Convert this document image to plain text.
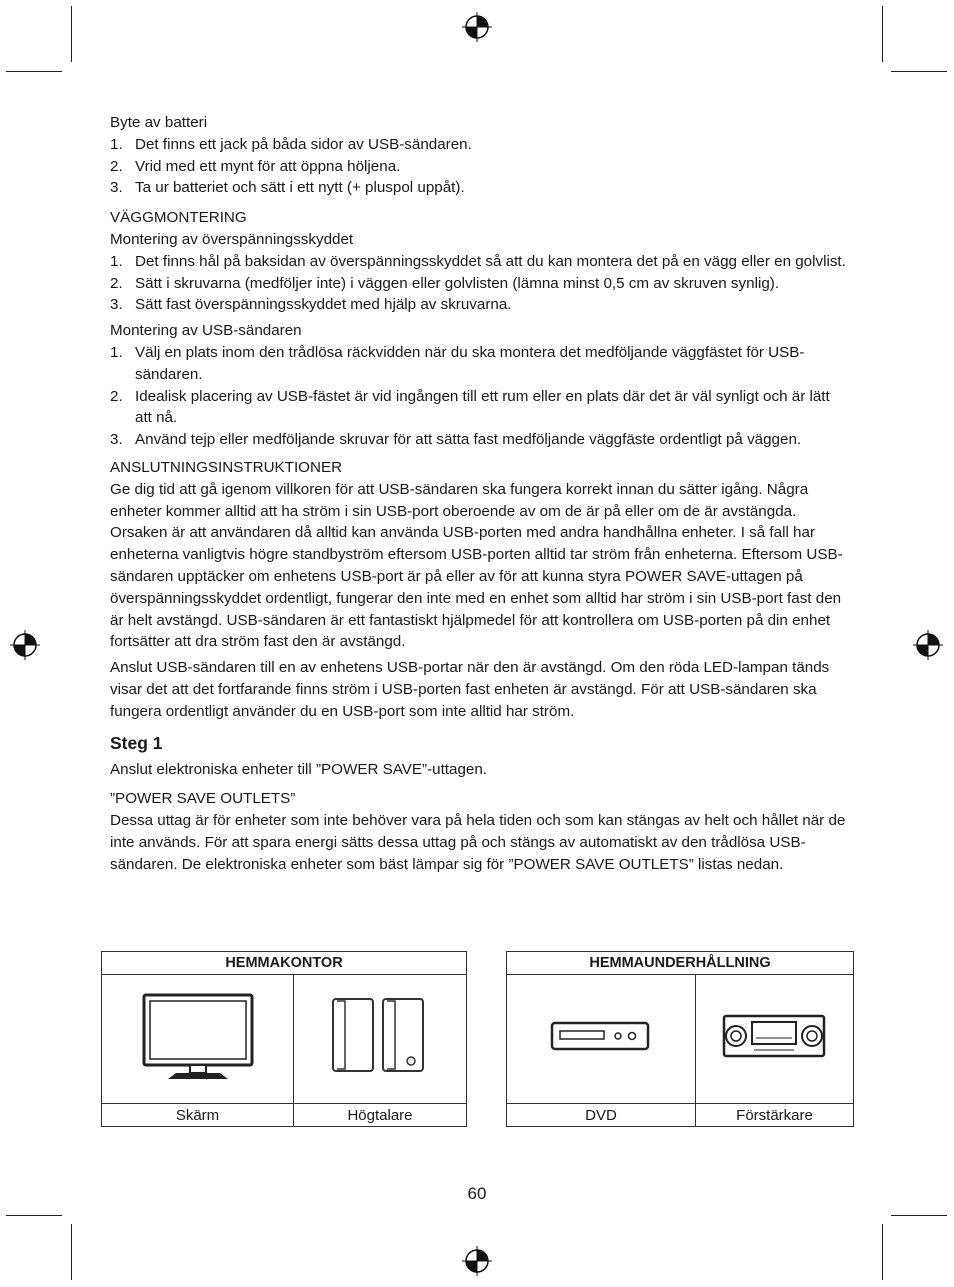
Byte av batteri

1. Det finns ett jack på båda sidor av USB-sändaren.
2. Vrid med ett mynt för att öppna höljena.
3. Ta ur batteriet och sätt i ett nytt (+ pluspol uppåt).

VÄGGMONTERING

Montering av överspänningsskyddet

1. Det finns hål på baksidan av överspänningsskyddet så att du kan montera det på en vägg eller en golvlist.
2. Sätt i skruvarna (medföljer inte) i väggen eller golvlisten (lämna minst 0,5 cm av skruven synlig).
3. Sätt fast överspänningsskyddet med hjälp av skruvarna.

Montering av USB-sändaren

1. Välj en plats inom den trådlösa räckvidden när du ska montera det medföljande väggfästet för USB-sändaren.
2. Idealisk placering av USB-fästet är vid ingången till ett rum eller en plats där det är väl synligt och är lätt att nå.
3. Använd tejp eller medföljande skruvar för att sätta fast medföljande väggfäste ordentligt på väggen.

ANSLUTNINGSINSTRUKTIONER

Ge dig tid att gå igenom villkoren för att USB-sändaren ska fungera korrekt innan du sätter igång. Några enheter kommer alltid att ha ström i sin USB-port oberoende av om de är på eller om de är avstängda. Orsaken är att användaren då alltid kan använda USB-porten med andra handhållna enheter. I så fall har enheterna vanligtvis högre standbyström eftersom USB-porten alltid tar ström från enheterna. Eftersom USB-sändaren upptäcker om enhetens USB-port är på eller av för att kunna styra POWER SAVE-uttagen på överspänningsskyddet ordentligt, fungerar den inte med en enhet som alltid har ström i sin USB-port fast den är helt avstängd. USB-sändaren är ett fantastiskt hjälpmedel för att kontrollera om USB-porten på din enhet fortsätter att dra ström fast den är avstängd.

Anslut USB-sändaren till en av enhetens USB-portar när den är avstängd. Om den röda LED-lampan tänds visar det att det fortfarande finns ström i USB-porten fast enheten är avstängd. För att USB-sändaren ska fungera ordentligt använder du en USB-port som inte alltid har ström.

Steg 1

Anslut elektroniska enheter till ”POWER SAVE”-uttagen.

”POWER SAVE OUTLETS”

Dessa uttag är för enheter som inte behöver vara på hela tiden och som kan stängas av helt och hållet när de inte används. För att spara energi sätts dessa uttag på och stängs av automatiskt av den trådlösa USB-sändaren. De elektroniska enheter som bäst lämpar sig för ”POWER SAVE OUTLETS” listas nedan.

HEMMAKONTOR	

Skärm	Högtalare
HEMMAUNDERHÅLLNING	

DVD	Förstärkare
60
